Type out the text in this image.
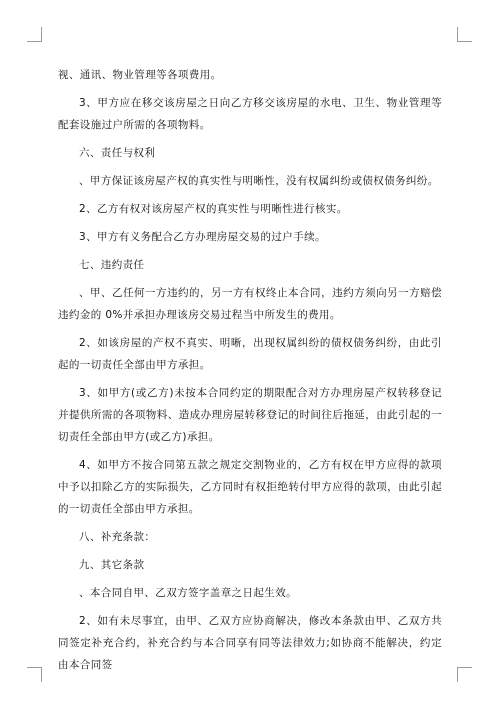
视、通讯、物业管理等各项费用。

3、甲方应在移交该房屋之日向乙方移交该房屋的水电、卫生、物业管理等配套设施过户所需的各项物料。

六、责任与权利

、甲方保证该房屋产权的真实性与明晰性，没有权属纠纷或债权债务纠纷。

2、乙方有权对该房屋产权的真实性与明晰性进行核实。

3、甲方有义务配合乙方办理房屋交易的过户手续。

七、违约责任

、甲、乙任何一方违约的，另一方有权终止本合同，违约方须向另一方赔偿违约金的 0%并承担办理该房交易过程当中所发生的费用。

2、如该房屋的产权不真实、明晰，出现权属纠纷的债权债务纠纷，由此引起的一切责任全部由甲方承担。

3、如甲方(或乙方)未按本合同约定的期限配合对方办理房屋产权转移登记并提供所需的各项物料、造成办理房屋转移登记的时间往后拖延，由此引起的一切责任全部由甲方(或乙方)承担。

4、如甲方不按合同第五款之规定交割物业的，乙方有权在甲方应得的款项中予以扣除乙方的实际损失，乙方同时有权拒绝转付甲方应得的款项，由此引起的一切责任全部由甲方承担。

八、补充条款：

九、其它条款

、本合同自甲、乙双方签字盖章之日起生效。

2、如有未尽事宜，由甲、乙双方应协商解决，修改本条款由甲、乙双方共同签定补充合约，补充合约与本合同享有同等法律效力;如协商不能解决，约定由本合同签
